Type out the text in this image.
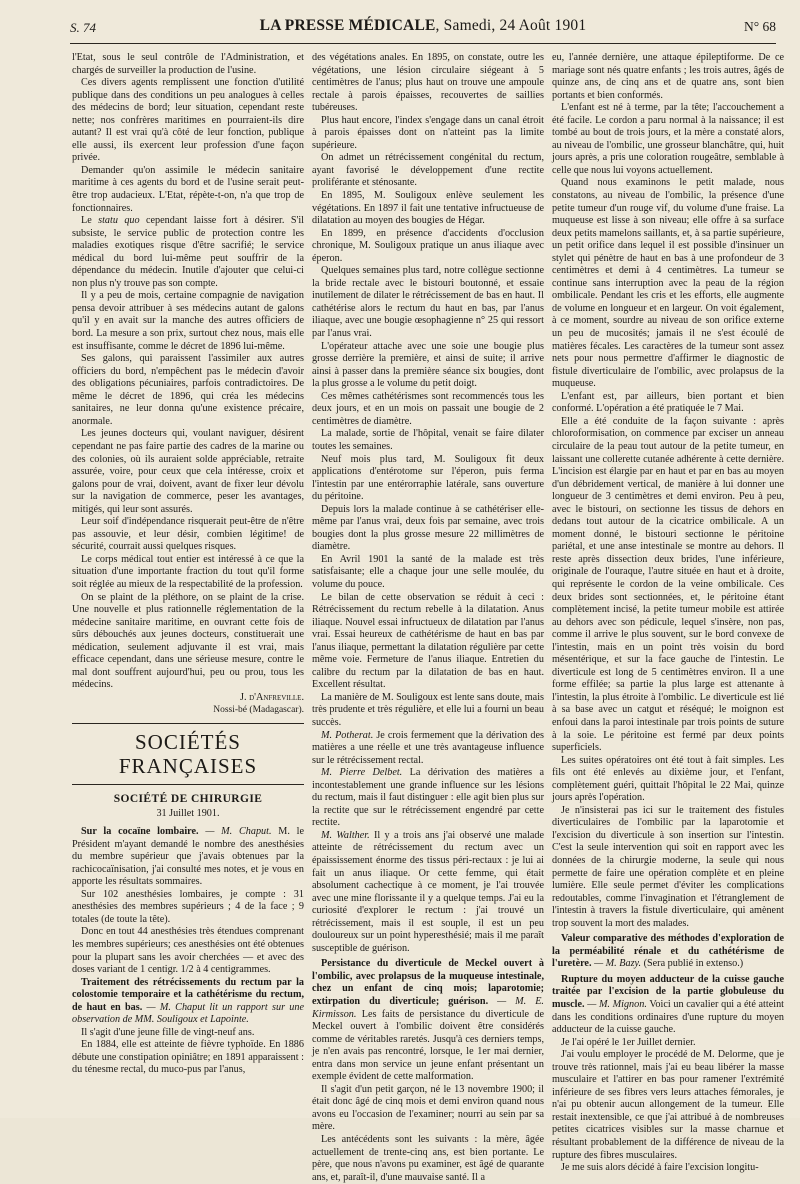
S. 74	LA PRESSE MÉDICALE, Samedi, 24 Août 1901	N° 68

l'Etat, sous le seul contrôle de l'Administration, et chargés de surveiller la production de l'usine.

Ces divers agents remplissent une fonction d'utilité publique dans des conditions un peu analogues à celles des médecins de bord; leur situation, cependant reste nette; nos confrères maritimes en pourraient-ils dire autant? Il est vrai qu'à côté de leur fonction, publique elle aussi, ils exercent leur profession d'une façon privée.

Demander qu'on assimile le médecin sanitaire maritime à ces agents du bord et de l'usine serait peut-être trop audacieux. L'Etat, répète-t-on, n'a que trop de fonctionnaires.

Le statu quo cependant laisse fort à désirer. S'il subsiste, le service public de protection contre les maladies exotiques risque d'être sacrifié; le service médical du bord lui-même peut souffrir de la dépendance du médecin. Inutile d'ajouter que celui-ci non plus n'y trouve pas son compte.

Il y a peu de mois, certaine compagnie de navigation pensa devoir attribuer à ses médecins autant de galons qu'il y en avait sur la manche des autres officiers de bord. La mesure a son prix, surtout chez nous, mais elle est insuffisante, comme le décret de 1896 lui-même.

Ses galons, qui paraissent l'assimiler aux autres officiers du bord, n'empêchent pas le médecin d'avoir des obligations pécuniaires, parfois contradictoires. De même le décret de 1896, qui créa les médecins sanitaires, ne leur donna qu'une existence précaire, anormale.

Les jeunes docteurs qui, voulant naviguer, désirent cependant ne pas faire partie des cadres de la marine ou des colonies, où ils auraient solde appréciable, retraite assurée, voire, pour ceux que cela intéresse, croix et galons pour de vrai, doivent, avant de fixer leur dévolu sur la navigation de commerce, peser les avantages, mitigés, qui leur sont assurés.

Leur soif d'indépendance risquerait peut-être de n'être pas assouvie, et leur désir, combien légitime! de sécurité, courrait aussi quelques risques.

Le corps médical tout entier est intéressé à ce que la situation d'une importante fraction du tout qu'il forme soit réglée au mieux de la respectabilité de la profession.

On se plaint de la pléthore, on se plaint de la crise. Une nouvelle et plus rationnelle réglementation de la médecine sanitaire maritime, en ouvrant cette fois de sûrs débouchés aux jeunes docteurs, constituerait une médication, seulement adjuvante il est vrai, mais efficace cependant, dans une sérieuse mesure, contre le mal dont souffrent aujourd'hui, peu ou prou, tous les médecins.

J. d'Anfreville.

Nossi-bé (Madagascar).

SOCIÉTÉS FRANÇAISES
SOCIÉTÉ DE CHIRURGIE
31 Juillet 1901.

Sur la cocaïne lombaire. — M. Chaput. M. le Président m'ayant demandé le nombre des anesthésies du membre supérieur que j'avais obtenues par la rachicocaïnisation, j'ai consulté mes notes, et je vous en apporte les résultats sommaires.

Sur 102 anesthésies lombaires, je compte : 31 anesthésies des membres supérieurs ; 4 de la face ; 9 totales (de toute la tête).

Donc en tout 44 anesthésies très étendues comprenant les membres supérieurs; ces anesthésies ont été obtenues pour la plupart sans les avoir cherchées — et avec des doses variant de 1 centigr. 1/2 à 4 centigrammes.

Traitement des rétrécissements du rectum par la colostomie temporaire et la cathétérisme du rectum, de haut en bas. — M. Chaput lit un rapport sur une observation de MM. Souligoux et Lapointe.

Il s'agit d'une jeune fille de vingt-neuf ans.

En 1884, elle est atteinte de fièvre typhoïde. En 1886 débute une constipation opiniâtre; en 1891 apparaissent : du ténesme rectal, du muco-pus par l'anus,

des végétations anales. En 1895, on constate, outre les végétations, une lésion circulaire siégeant à 5 centimètres de l'anus; plus haut on trouve une ampoule rectale à parois épaisses, recouvertes de saillies tubéreuses.

Plus haut encore, l'index s'engage dans un canal étroit à parois épaisses dont on n'atteint pas la limite supérieure.

On admet un rétrécissement congénital du rectum, ayant favorisé le développement d'une rectite proliférante et sténosante.

En 1895, M. Souligoux enlève seulement les végétations. En 1897 il fait une tentative infructueuse de dilatation au moyen des bougies de Hégar.

En 1899, en présence d'accidents d'occlusion chronique, M. Souligoux pratique un anus iliaque avec éperon.

Quelques semaines plus tard, notre collègue sectionne la bride rectale avec le bistouri boutonné, et essaie inutilement de dilater le rétrécissement de bas en haut. Il cathétérise alors le rectum du haut en bas, par l'anus iliaque, avec une bougie œsophagienne n° 25 qui ressort par l'anus vrai.

L'opérateur attache avec une soie une bougie plus grosse derrière la première, et ainsi de suite; il arrive ainsi à passer dans la première séance six bougies, dont la plus grosse a le volume du petit doigt.

Ces mêmes cathétérismes sont recommencés tous les deux jours, et en un mois on passait une bougie de 2 centimètres de diamètre.

La malade, sortie de l'hôpital, venait se faire dilater toutes les semaines.

Neuf mois plus tard, M. Souligoux fit deux applications d'entérotome sur l'éperon, puis ferma l'intestin par une entérorraphie latérale, sans ouverture du péritoine.

Depuis lors la malade continue à se cathétériser elle-même par l'anus vrai, deux fois par semaine, avec trois bougies dont la plus grosse mesure 22 millimètres de diamètre.

En Avril 1901 la santé de la malade est très satisfaisante; elle a chaque jour une selle moulée, du volume du pouce.

Le bilan de cette observation se réduit à ceci : Rétrécissement du rectum rebelle à la dilatation. Anus iliaque. Nouvel essai infructueux de dilatation par l'anus vrai. Essai heureux de cathétérisme de haut en bas par l'anus iliaque, permettant la dilatation régulière par cette même voie. Fermeture de l'anus iliaque. Entretien du calibre du rectum par la dilatation de bas en haut. Excellent résultat.

La manière de M. Souligoux est lente sans doute, mais très prudente et très régulière, et elle lui a fourni un beau succès.

M. Potherat. Je crois fermement que la dérivation des matières a une réelle et une très avantageuse influence sur le rétrécissement rectal.

M. Pierre Delbet. La dérivation des matières a incontestablement une grande influence sur les lésions du rectum, mais il faut distinguer : elle agit bien plus sur la rectite que sur le rétrécissement engendré par cette rectite.

M. Walther. Il y a trois ans j'ai observé une malade atteinte de rétrécissement du rectum avec un épaississement énorme des tissus péri-rectaux : je lui ai fait un anus iliaque. Or cette femme, qui était absolument cachectique à ce moment, je l'ai trouvée avec une mine florissante il y a quelque temps. J'ai eu la curiosité d'explorer le rectum : j'ai trouvé un rétrécissement, mais il est souple, il est un peu douloureux sur un point hyperesthésié; mais il me paraît susceptible de guérison.

Persistance du diverticule de Meckel ouvert à l'ombilic, avec prolapsus de la muqueuse intestinale, chez un enfant de cinq mois; laparotomie; extirpation du diverticule; guérison. — M. E. Kirmisson. Les faits de persistance du diverticule de Meckel ouvert à l'ombilic doivent être considérés comme de véritables raretés. Jusqu'à ces derniers temps, je n'en avais pas rencontré, lorsque, le 1er mai dernier, entra dans mon service un jeune enfant présentant un exemple évident de cette malformation.

Il s'agit d'un petit garçon, né le 13 novembre 1900; il était donc âgé de cinq mois et demi environ quand nous avons eu l'occasion de l'examiner; nourri au sein par sa mère.

Les antécédents sont les suivants : la mère, âgée actuellement de trente-cinq ans, est bien portante. Le père, que nous n'avons pu examiner, est âgé de quarante ans, et, paraît-il, d'une mauvaise santé. Il a

eu, l'année dernière, une attaque épileptiforme. De ce mariage sont nés quatre enfants ; les trois autres, âgés de quinze ans, de cinq ans et de quatre ans, sont bien portants et bien conformés.

L'enfant est né à terme, par la tête; l'accouchement a été facile. Le cordon a paru normal à la naissance; il est tombé au bout de trois jours, et la mère a constaté alors, au niveau de l'ombilic, une grosseur blanchâtre, qui, huit jours après, a pris une coloration rougeâtre, semblable à celle que nous lui voyons actuellement.

Quand nous examinons le petit malade, nous constatons, au niveau de l'ombilic, la présence d'une petite tumeur d'un rouge vif, du volume d'une fraise. La muqueuse est lisse à son niveau; elle offre à sa surface deux petits mamelons saillants, et, à sa partie supérieure, un petit orifice dans lequel il est possible d'insinuer un stylet qui pénètre de haut en bas à une profondeur de 3 centimètres et demi à 4 centimètres. La tumeur se continue sans interruption avec la peau de la région ombilicale. Pendant les cris et les efforts, elle augmente de volume en longueur et en largeur. On voit également, à ce moment, sourdre au niveau de son orifice externe un peu de mucosités; jamais il ne s'est écoulé de matières fécales. Les caractères de la tumeur sont assez nets pour nous permettre d'affirmer le diagnostic de fistule diverticulaire de l'ombilic, avec prolapsus de la muqueuse.

L'enfant est, par ailleurs, bien portant et bien conformé. L'opération a été pratiquée le 7 Mai.

Elle a été conduite de la façon suivante : après chloroformisation, on commence par exciser un anneau circulaire de la peau tout autour de la petite tumeur, en laissant une collerette cutanée adhérente à cette dernière. L'incision est élargie par en haut et par en bas au moyen d'un débridement vertical, de manière à lui donner une longueur de 3 centimètres et demi environ. Peu à peu, avec le bistouri, on sectionne les tissus de dehors en dedans tout autour de la cicatrice ombilicale. A un moment donné, le bistouri sectionne le péritoine pariétal, et une anse intestinale se montre au dehors. Il reste après dissection deux brides, l'une inférieure, originale de l'ouraque, l'autre située en haut et à droite, qui représente le cordon de la veine ombilicale. Ces deux brides sont sectionnées, et, le péritoine étant complètement incisé, la petite tumeur mobile est attirée au dehors avec son pédicule, lequel s'insère, non pas, comme il arrive le plus souvent, sur le bord convexe de l'intestin, mais en un point très voisin du bord mésentérique, et sur la face gauche de l'intestin. Le diverticule est long de 5 centimètres environ. Il a une forme effilée; sa partie la plus large est attenante à l'intestin, la plus étroite à l'ombilic. Le diverticule est lié à sa base avec un catgut et réséqué; le moignon est enfoui dans la paroi intestinale par trois points de suture à la soie. Le péritoine est fermé par deux points superficiels.

Les suites opératoires ont été tout à fait simples. Les fils ont été enlevés au dixième jour, et l'enfant, complètement guéri, quittait l'hôpital le 22 Mai, quinze jours après l'opération.

Je n'insisterai pas ici sur le traitement des fistules diverticulaires de l'ombilic par la laparotomie et l'excision du diverticule à son insertion sur l'intestin. C'est la seule intervention qui soit en rapport avec les données de la chirurgie moderne, la seule qui nous permette de faire une opération complète et en pleine lumière. Elle seule permet d'éviter les complications redoutables, comme l'invagination et l'étranglement de l'intestin à travers la fistule diverticulaire, qui amènent trop souvent la mort des malades.

Valeur comparative des méthodes d'exploration de la perméabilité rénale et du cathétérisme de l'uretère. — M. Bazy. (Sera publié in extenso.)

Rupture du moyen adducteur de la cuisse gauche traitée par l'excision de la partie globuleuse du muscle. — M. Mignon. Voici un cavalier qui a été atteint dans les conditions ordinaires d'une rupture du moyen adducteur de la cuisse gauche.

Je l'ai opéré le 1er Juillet dernier.

J'ai voulu employer le procédé de M. Delorme, que je trouve très rationnel, mais j'ai eu beau libérer la masse musculaire et l'attirer en bas pour ramener l'extrémité inférieure de ses fibres vers leurs attaches fémorales, je n'ai pu obtenir aucun allongement de la tumeur. Elle restait inextensible, ce que j'ai attribué à de nombreuses petites cicatrices visibles sur la masse charnue et résultant probablement de la différence de niveau de la rupture des fibres musculaires.

Je me suis alors décidé à faire l'excision longitu-
